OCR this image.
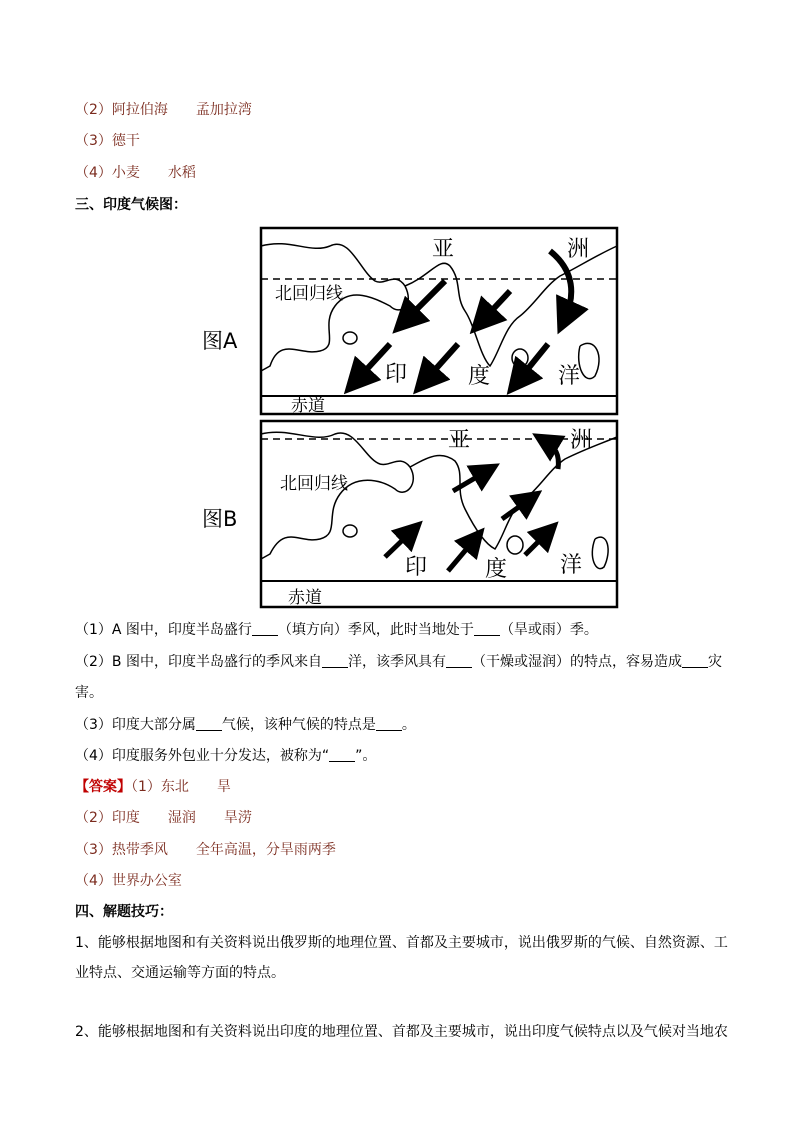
（2）阿拉伯海 孟加拉湾
（3）德干
（4）小麦 水稻
三、印度气候图：
亚	洲
北回归线
印	度	洋
赤道
图A
亚	洲
北回归线
印	度 洋
赤道
图B
（1）A 图中，印度半岛盛行 （填方向）季风，此时当地处于 （旱或雨）季。
（2）B 图中，印度半岛盛行的季风来自 洋，该季风具有 （干燥或湿润）的特点，容易造成 灾
害。
（3）印度大部分属 气候，该种气候的特点是 。
（4）印度服务外包业十分发达，被称为“ ”。
【答案】（1）东北 旱
（2）印度 湿润 旱涝
（3）热带季风 全年高温，分旱雨两季
（4）世界办公室
四、解题技巧：
1、能够根据地图和有关资料说出俄罗斯的地理位置、首都及主要城市，说出俄罗斯的气候、自然资源、工业特点、交通运输等方面的特点。
2、能够根据地图和有关资料说出印度的地理位置、首都及主要城市，说出印度气候特点以及气候对当地农
